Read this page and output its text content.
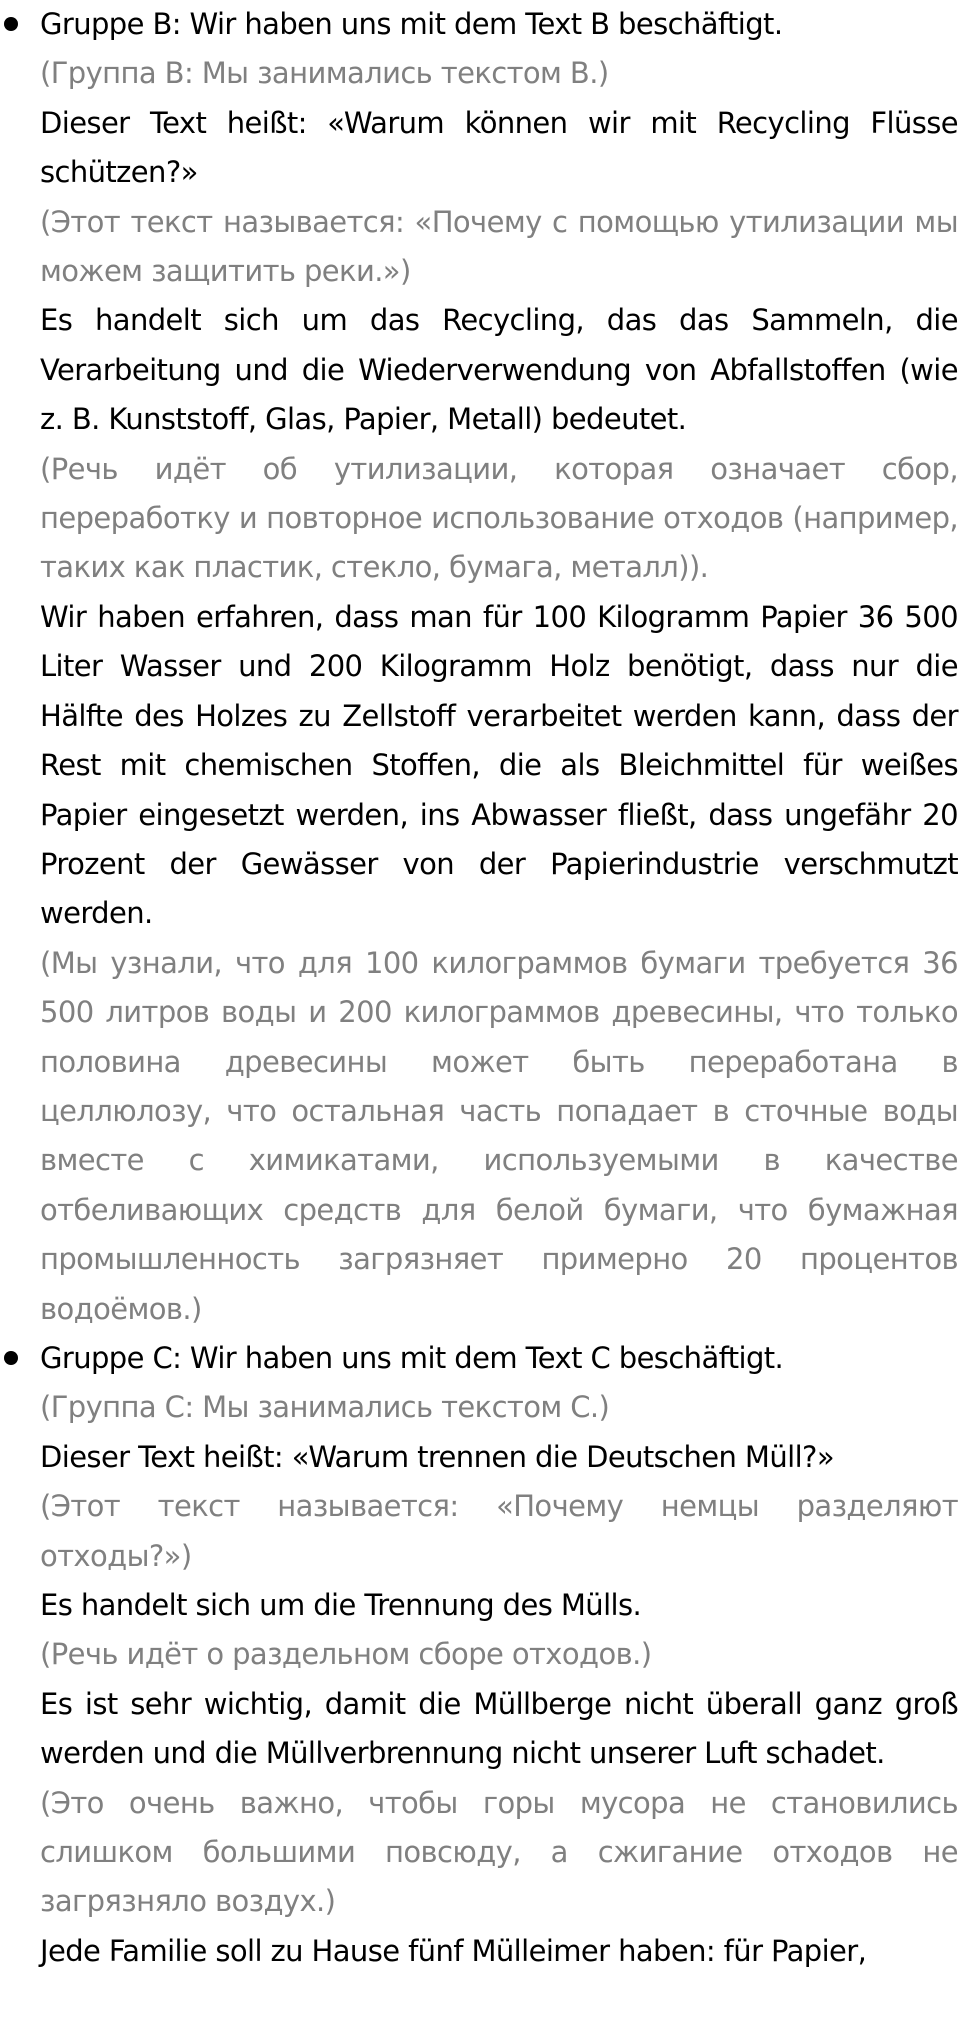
Gruppe B: Wir haben uns mit dem Text B beschäftigt.

(Группа B: Мы занимались текстом B.)

Dieser Text heißt: «Warum können wir mit Recycling Flüsse schützen?»

(Этот текст называется: «Почему с помощью утилизации мы можем защитить реки.»)

Es handelt sich um das Recycling, das das Sammeln, die Verarbeitung und die Wiederverwendung von Abfallstoffen (wie z. B. Kunststoff, Glas, Papier, Metall) bedeutet.

(Речь идёт об утилизации, которая означает сбор, переработку и повторное использование отходов (например, таких как пластик, стекло, бумага, металл)).

Wir haben erfahren, dass man für 100 Kilogramm Papier 36 500 Liter Wasser und 200 Kilogramm Holz benötigt, dass nur die Hälfte des Holzes zu Zellstoff verarbeitet werden kann, dass der Rest mit chemischen Stoffen, die als Bleichmittel für weißes Papier eingesetzt werden, ins Abwasser fließt, dass ungefähr 20 Prozent der Gewässer von der Papierindustrie verschmutzt werden.

(Мы узнали, что для 100 килограммов бумаги требуется 36 500 литров воды и 200 килограммов древесины, что только половина древесины может быть переработана в целлюлозу, что остальная часть попадает в сточные воды вместе с химикатами, используемыми в качестве отбеливающих средств для белой бумаги, что бумажная промышленность загрязняет примерно 20 процентов водоёмов.)

Gruppe C: Wir haben uns mit dem Text C beschäftigt.

(Группа C: Мы занимались текстом C.)

Dieser Text heißt: «Warum trennen die Deutschen Müll?»

(Этот текст называется: «Почему немцы разделяют отходы?»)

Es handelt sich um die Trennung des Mülls.

(Речь идёт о раздельном сборе отходов.)

Es ist sehr wichtig, damit die Müllberge nicht überall ganz groß werden und die Müllverbrennung nicht unserer Luft schadet.

(Это очень важно, чтобы горы мусора не становились слишком большими повсюду, а сжигание отходов не загрязняло воздух.)

Jede Familie soll zu Hause fünf Mülleimer haben: für Papier,
